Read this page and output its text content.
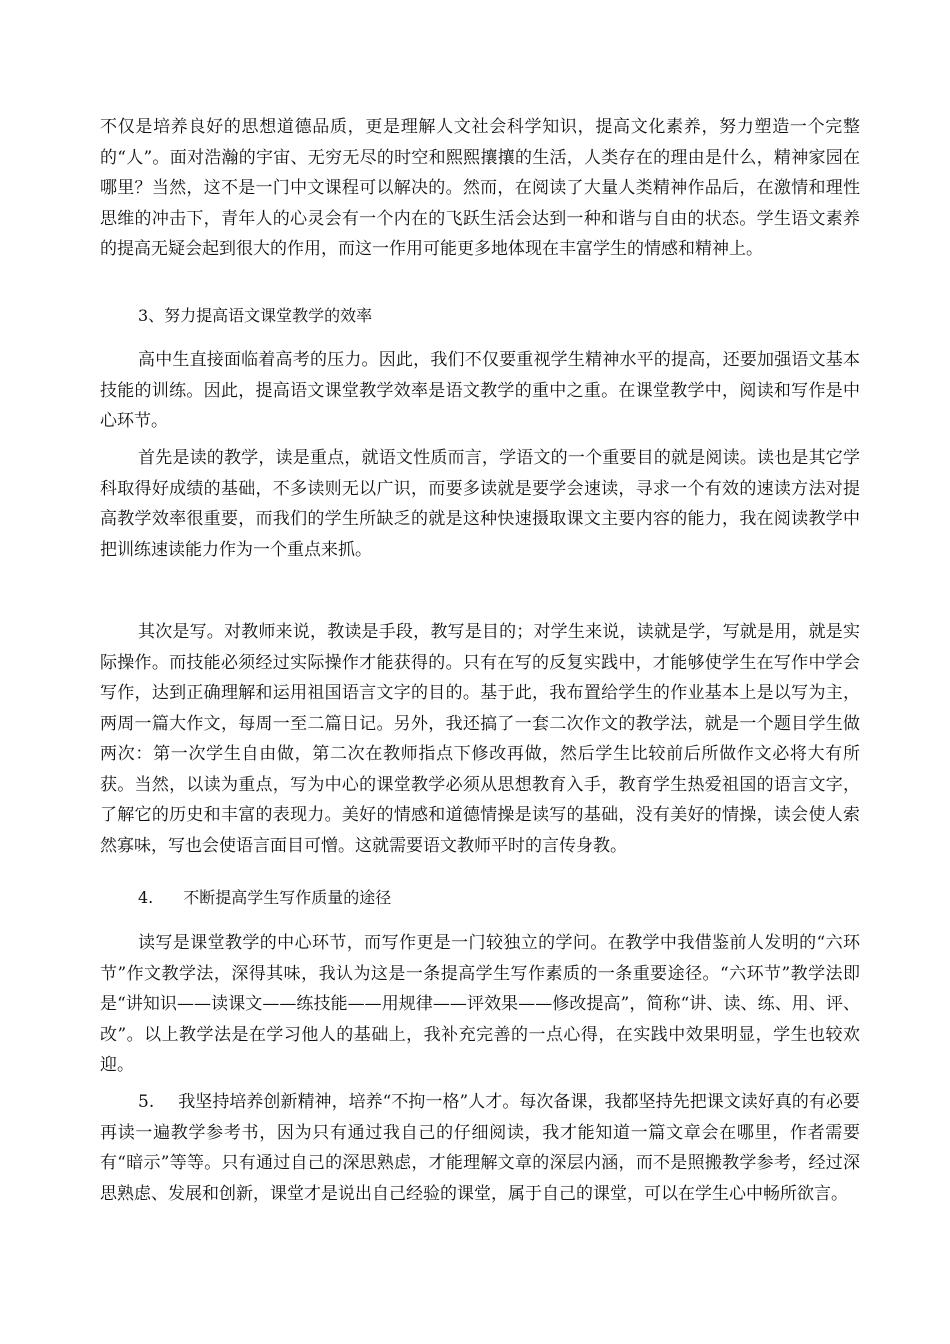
不仅是培养良好的思想道德品质，更是理解人文社会科学知识，提高文化素养，努力塑造一个完整的“人”。面对浩瀚的宇宙、无穷无尽的时空和熙熙攘攘的生活，人类存在的理由是什么，精神家园在哪里？当然，这不是一门中文课程可以解决的。然而，在阅读了大量人类精神作品后，在激情和理性思维的冲击下，青年人的心灵会有一个内在的飞跃生活会达到一种和谐与自由的状态。学生语文素养的提高无疑会起到很大的作用，而这一作用可能更多地体现在丰富学生的情感和精神上。

3、努力提高语文课堂教学的效率

高中生直接面临着高考的压力。因此，我们不仅要重视学生精神水平的提高，还要加强语文基本技能的训练。因此，提高语文课堂教学效率是语文教学的重中之重。在课堂教学中，阅读和写作是中心环节。

首先是读的教学，读是重点，就语文性质而言，学语文的一个重要目的就是阅读。读也是其它学科取得好成绩的基础，不多读则无以广识，而要多读就是要学会速读，寻求一个有效的速读方法对提高教学效率很重要，而我们的学生所缺乏的就是这种快速摄取课文主要内容的能力，我在阅读教学中把训练速读能力作为一个重点来抓。

其次是写。对教师来说，教读是手段，教写是目的；对学生来说，读就是学，写就是用，就是实际操作。而技能必须经过实际操作才能获得的。只有在写的反复实践中，才能够使学生在写作中学会写作，达到正确理解和运用祖国语言文字的目的。基于此，我布置给学生的作业基本上是以写为主，两周一篇大作文，每周一至二篇日记。另外，我还搞了一套二次作文的教学法，就是一个题目学生做两次：第一次学生自由做，第二次在教师指点下修改再做，然后学生比较前后所做作文必将大有所获。当然，以读为重点，写为中心的课堂教学必须从思想教育入手，教育学生热爱祖国的语言文字，了解它的历史和丰富的表现力。美好的情感和道德情操是读写的基础，没有美好的情操，读会使人索然寡味，写也会使语言面目可憎。这就需要语文教师平时的言传身教。

4. 不断提高学生写作质量的途径

读写是课堂教学的中心环节，而写作更是一门较独立的学问。在教学中我借鉴前人发明的“六环节”作文教学法，深得其味，我认为这是一条提高学生写作素质的一条重要途径。“六环节”教学法即是“讲知识——读课文——练技能——用规律——评效果——修改提高”，简称“讲、读、练、用、评、改”。以上教学法是在学习他人的基础上，我补充完善的一点心得，在实践中效果明显，学生也较欢迎。

5. 我坚持培养创新精神，培养“不拘一格”人才。每次备课，我都坚持先把课文读好真的有必要再读一遍教学参考书，因为只有通过我自己的仔细阅读，我才能知道一篇文章会在哪里，作者需要有“暗示”等等。只有通过自己的深思熟虑，才能理解文章的深层内涵，而不是照搬教学参考，经过深思熟虑、发展和创新，课堂才是说出自己经验的课堂，属于自己的课堂，可以在学生心中畅所欲言。
